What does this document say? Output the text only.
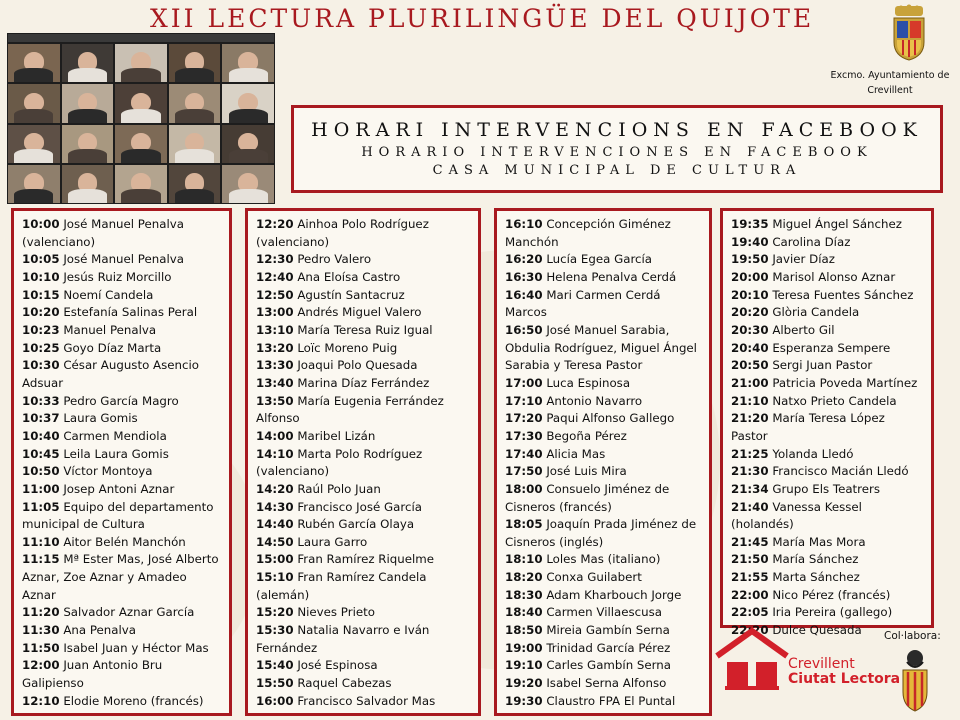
XII LECTURA PLURILINGÜE DEL QUIJOTE
Excmo. Ayuntamiento de Crevillent
HORARI INTERVENCIONS EN FACEBOOK
HORARIO INTERVENCIONES EN FACEBOOK
CASA MUNICIPAL DE CULTURA
10:00 José Manuel Penalva (valenciano)
10:05 José Manuel Penalva
10:10 Jesús Ruiz Morcillo
10:15 Noemí Candela
10:20 Estefanía Salinas Peral
10:23 Manuel Penalva
10:25 Goyo Díaz Marta
10:30 César Augusto Asencio Adsuar
10:33 Pedro García Magro
10:37 Laura Gomis
10:40 Carmen Mendiola
10:45 Leila Laura Gomis
10:50 Víctor Montoya
11:00 Josep Antoni Aznar
11:05 Equipo del departamento municipal de Cultura
11:10 Aitor Belén Manchón
11:15 Mª Ester Mas, José Alberto Aznar, Zoe Aznar y Amadeo Aznar
11:20 Salvador Aznar García
11:30 Ana Penalva
11:50 Isabel Juan y Héctor Mas
12:00 Juan Antonio Bru Galipienso
12:10 Elodie Moreno (francés)
12:20 Ainhoa Polo Rodríguez (valenciano)
12:30 Pedro Valero
12:40 Ana Eloísa Castro
12:50 Agustín Santacruz
13:00 Andrés Miguel Valero
13:10 María Teresa Ruiz Igual
13:20 Loïc Moreno Puig
13:30 Joaqui Polo Quesada
13:40 Marina Díaz Ferrández
13:50 María Eugenia Ferrández Alfonso
14:00 Maribel Lizán
14:10 Marta Polo Rodríguez (valenciano)
14:20 Raúl Polo Juan
14:30 Francisco José García
14:40 Rubén García Olaya
14:50 Laura Garro
15:00 Fran Ramírez Riquelme
15:10 Fran Ramírez Candela (alemán)
15:20 Nieves Prieto
15:30 Natalia Navarro e Iván Fernández
15:40 José Espinosa
15:50 Raquel Cabezas
16:00 Francisco Salvador Mas
16:10 Concepción Giménez Manchón
16:20 Lucía Egea García
16:30 Helena Penalva Cerdá
16:40 Mari Carmen Cerdá Marcos
16:50 José Manuel Sarabia, Obdulia Rodríguez, Miguel Ángel Sarabia y Teresa Pastor
17:00 Luca Espinosa
17:10 Antonio Navarro
17:20 Paqui Alfonso Gallego
17:30 Begoña Pérez
17:40 Alicia Mas
17:50 José Luis Mira
18:00 Consuelo Jiménez de Cisneros (francés)
18:05 Joaquín Prada Jiménez de Cisneros (inglés)
18:10 Loles Mas (italiano)
18:20 Conxa Guilabert
18:30 Adam Kharbouch Jorge
18:40 Carmen Villaescusa
18:50 Mireia Gambín Serna
19:00 Trinidad García Pérez
19:10 Carles Gambín Serna
19:20 Isabel Serna Alfonso
19:30 Claustro FPA El Puntal
19:35 Miguel Ángel Sánchez
19:40 Carolina Díaz
19:50 Javier Díaz
20:00 Marisol Alonso Aznar
20:10 Teresa Fuentes Sánchez
20:20 Glòria Candela
20:30 Alberto Gil
20:40 Esperanza Sempere
20:50 Sergi Juan Pastor
21:00 Patricia Poveda Martínez
21:10 Natxo Prieto Candela
21:20 María Teresa López Pastor
21:25 Yolanda Lledó
21:30 Francisco Macián Lledó
21:34 Grupo Els Teatrers
21:40 Vanessa Kessel (holandés)
21:45 María Mas Mora
21:50 María Sánchez
21:55 Marta Sánchez
22:00 Nico Pérez (francés)
22:05 Iria Pereira (gallego)
22:20 Dulce Quesada
Crevillent
Ciutat Lectora
Col·labora:
